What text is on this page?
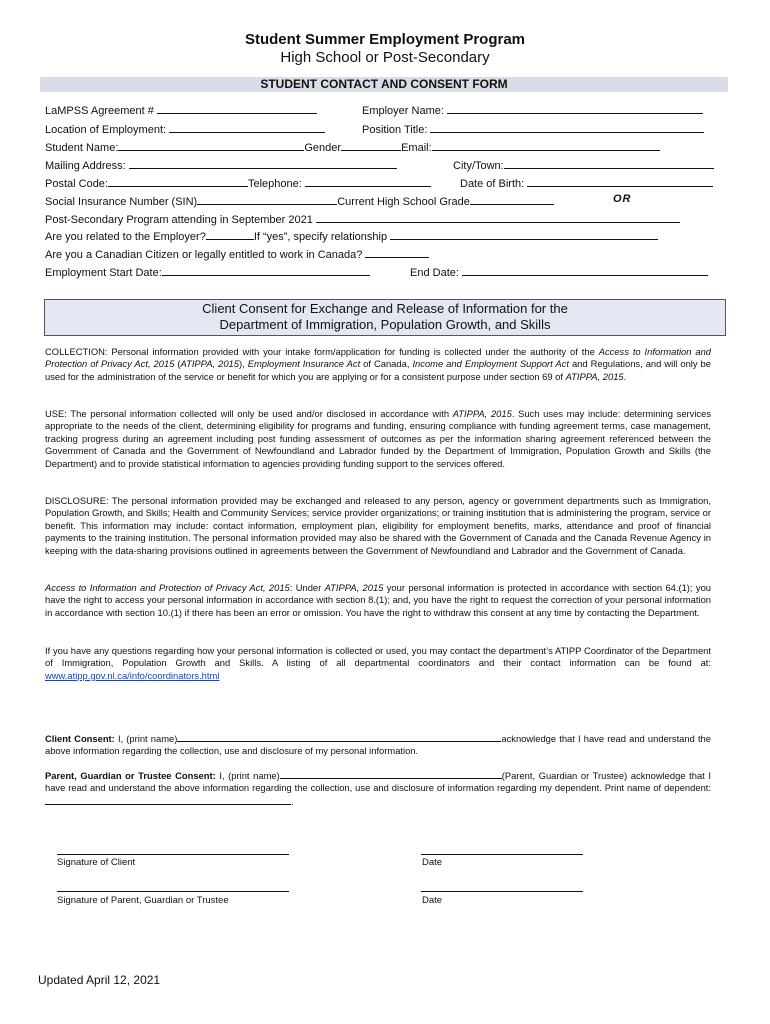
Student Summer Employment Program
High School or Post-Secondary
STUDENT CONTACT AND CONSENT FORM
LaMPSS Agreement #	Employer Name:
Location of Employment:	Position Title:
Student Name:	Gender	Email:
Mailing Address:	City/Town:
Postal Code:	Telephone:	Date of Birth:
Social Insurance Number (SIN)	Current High School Grade	OR
Post-Secondary Program attending in September 2021
Are you related to the Employer?	If “yes”, specify relationship
Are you a Canadian Citizen or legally entitled to work in Canada?
Employment Start Date:	End Date:
Client Consent for Exchange and Release of Information for the
Department of Immigration, Population Growth, and Skills
COLLECTION: Personal information provided with your intake form/application for funding is collected under the authority of the Access to Information and Protection of Privacy Act, 2015 (ATIPPA, 2015), Employment Insurance Act of Canada, Income and Employment Support Act and Regulations, and will only be used for the administration of the service or benefit for which you are applying or for a consistent purpose under section 69 of ATIPPA, 2015.
USE: The personal information collected will only be used and/or disclosed in accordance with ATIPPA, 2015. Such uses may include: determining services appropriate to the needs of the client, determining eligibility for programs and funding, ensuring compliance with funding agreement terms, case management, tracking progress during an agreement including post funding assessment of outcomes as per the information sharing agreement referenced between the Government of Canada and the Government of Newfoundland and Labrador funded by the Department of Immigration, Population Growth and Skills (the Department) and to provide statistical information to agencies providing funding support to the services offered.
DISCLOSURE: The personal information provided may be exchanged and released to any person, agency or government departments such as Immigration, Population Growth, and Skills; Health and Community Services; service provider organizations; or training institution that is administering the program, service or benefit. This information may include: contact information, employment plan, eligibility for employment benefits, marks, attendance and proof of financial payments to the training institution. The personal information provided may also be shared with the Government of Canada and the Canada Revenue Agency in keeping with the data-sharing provisions outlined in agreements between the Government of Newfoundland and Labrador and the Government of Canada.
Access to Information and Protection of Privacy Act, 2015: Under ATIPPA, 2015 your personal information is protected in accordance with section 64.(1); you have the right to access your personal information in accordance with section 8.(1); and, you have the right to request the correction of your personal information in accordance with section 10.(1) if there has been an error or omission. You have the right to withdraw this consent at any time by contacting the Department.
If you have any questions regarding how your personal information is collected or used, you may contact the department’s ATIPP Coordinator of the Department of Immigration, Population Growth and Skills. A listing of all departmental coordinators and their contact information can be found at: www.atipp.gov.nl.ca/info/coordinators.html
Client Consent: I, (print name)	acknowledge that I have read and understand the above information regarding the collection, use and disclosure of my personal information.
Parent, Guardian or Trustee Consent: I, (print name)	(Parent, Guardian or Trustee) acknowledge that I have read and understand the above information regarding the collection, use and disclosure of information regarding my dependent. Print name of dependent:.
Signature of Client	Date
Signature of Parent, Guardian or Trustee	Date
Updated April 12, 2021
